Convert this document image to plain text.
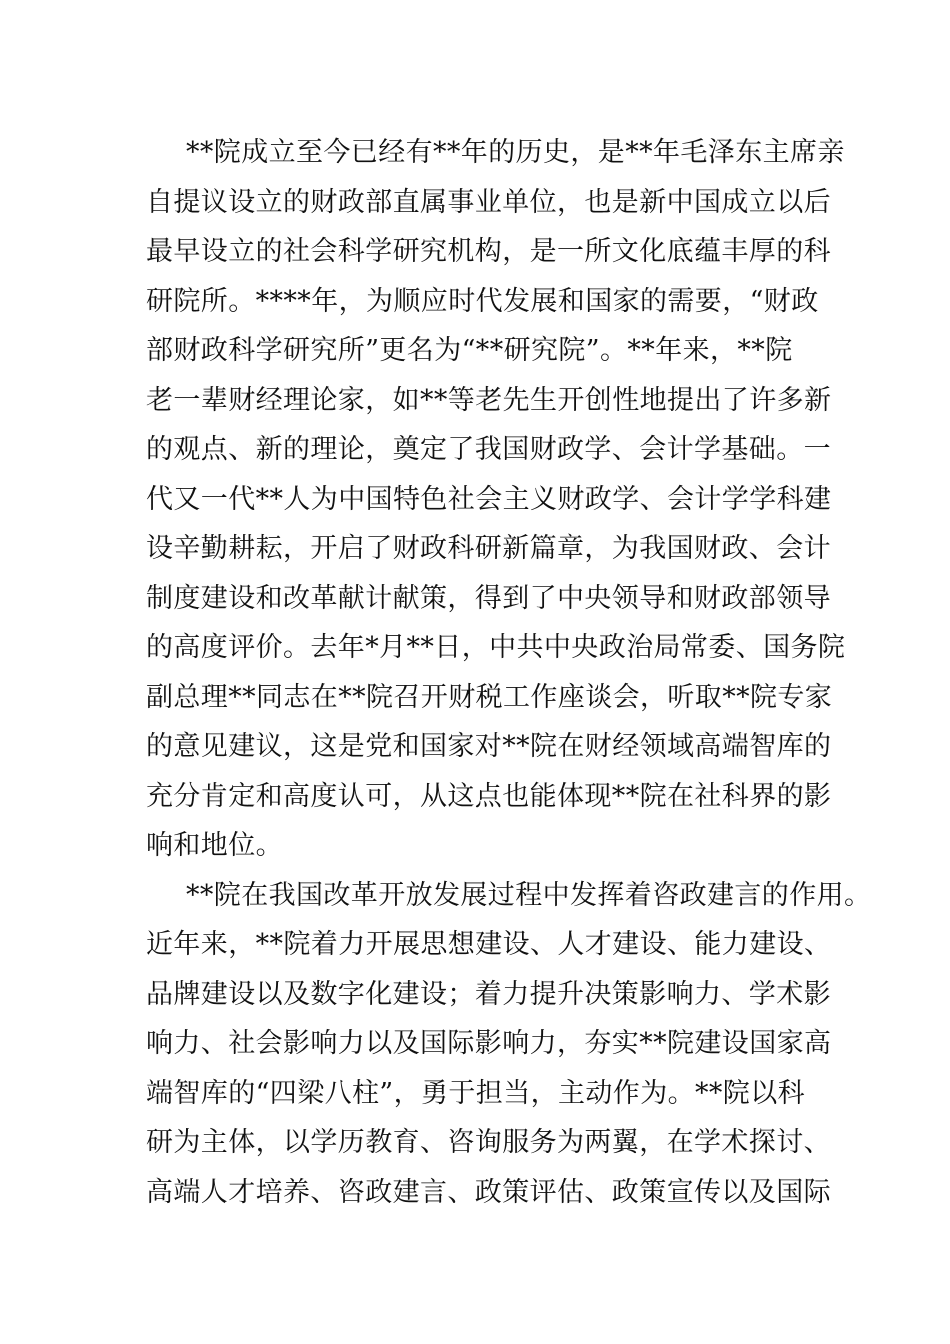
**院成立至今已经有**年的历史，是**年毛泽东主席亲
自提议设立的财政部直属事业单位，也是新中国成立以后
最早设立的社会科学研究机构，是一所文化底蕴丰厚的科
研院所。****年，为顺应时代发展和国家的需要，“财政
部财政科学研究所”更名为“**研究院”。**年来，**院
老一辈财经理论家，如**等老先生开创性地提出了许多新
的观点、新的理论，奠定了我国财政学、会计学基础。一
代又一代**人为中国特色社会主义财政学、会计学学科建
设辛勤耕耘，开启了财政科研新篇章，为我国财政、会计
制度建设和改革献计献策，得到了中央领导和财政部领导
的高度评价。去年*月**日，中共中央政治局常委、国务院
副总理**同志在**院召开财税工作座谈会，听取**院专家
的意见建议，这是党和国家对**院在财经领域高端智库的
充分肯定和高度认可，从这点也能体现**院在社科界的影
响和地位。
**院在我国改革开放发展过程中发挥着咨政建言的作用。
近年来，**院着力开展思想建设、人才建设、能力建设、
品牌建设以及数字化建设；着力提升决策影响力、学术影
响力、社会影响力以及国际影响力，夯实**院建设国家高
端智库的“四梁八柱”，勇于担当，主动作为。**院以科
研为主体，以学历教育、咨询服务为两翼，在学术探讨、
高端人才培养、咨政建言、政策评估、政策宣传以及国际
